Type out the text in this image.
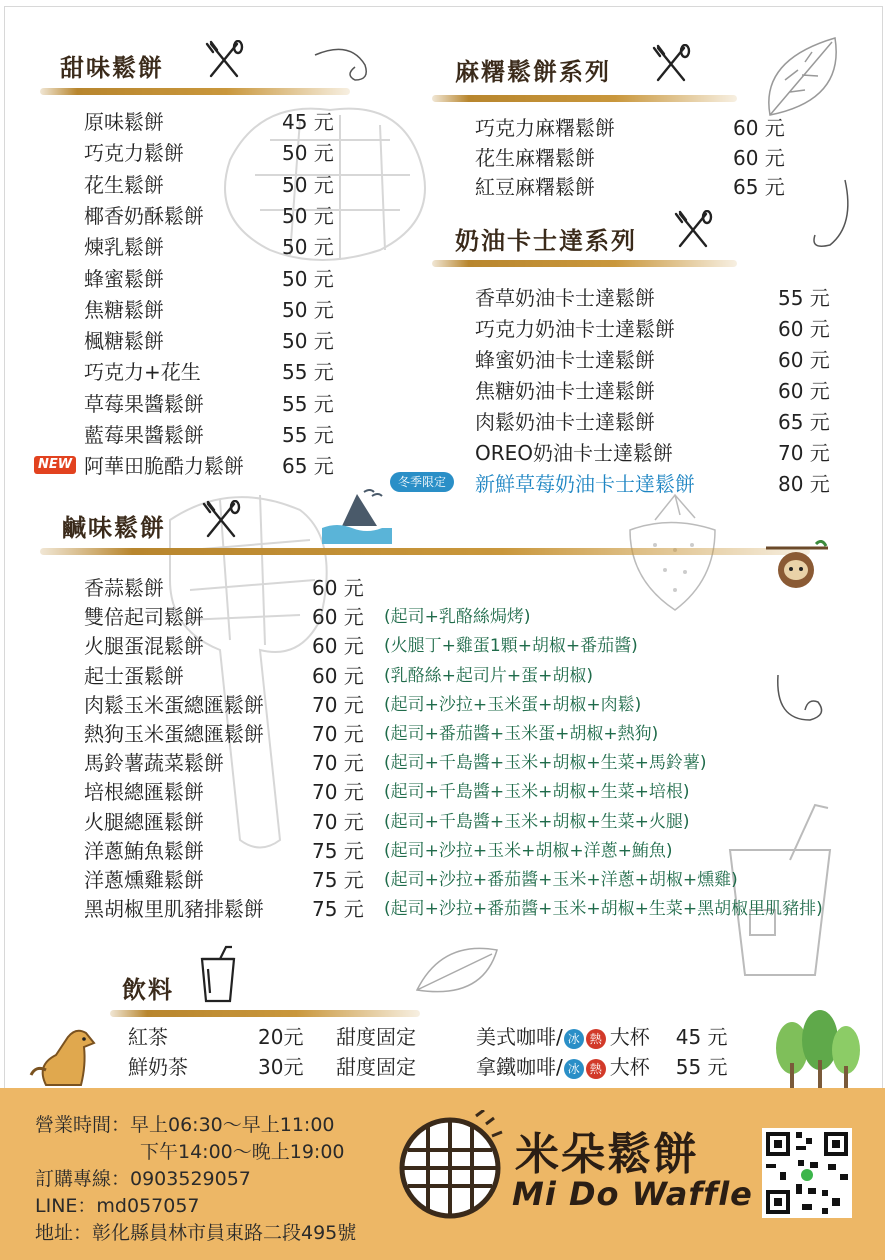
甜味鬆餅
原味鬆餅	45 元
巧克力鬆餅	50 元
花生鬆餅	50 元
椰香奶酥鬆餅	50 元
煉乳鬆餅	50 元
蜂蜜鬆餅	50 元
焦糖鬆餅	50 元
楓糖鬆餅	50 元
巧克力+花生	55 元
草莓果醬鬆餅	55 元
藍莓果醬鬆餅	55 元
阿華田脆酷力鬆餅 65 元
NEW
麻糬鬆餅系列
巧克力麻糬鬆餅	60 元
花生麻糬鬆餅	60 元
紅豆麻糬鬆餅	65 元
奶油卡士達系列
香草奶油卡士達鬆餅	55 元
巧克力奶油卡士達鬆餅	60 元
蜂蜜奶油卡士達鬆餅	60 元
焦糖奶油卡士達鬆餅	60 元
肉鬆奶油卡士達鬆餅	65 元
OREO奶油卡士達鬆餅	70 元
新鮮草莓奶油卡士達鬆餅	80 元
冬季限定
鹹味鬆餅
香蒜鬆餅	60 元
雙倍起司鬆餅	60 元 (起司+乳酪絲焗烤)
火腿蛋混鬆餅	60 元 (火腿丁+雞蛋1顆+胡椒+番茄醬)
起士蛋鬆餅	60 元 (乳酪絲+起司片+蛋+胡椒)
肉鬆玉米蛋總匯鬆餅 70 元 (起司+沙拉+玉米蛋+胡椒+肉鬆)
熱狗玉米蛋總匯鬆餅 70 元 (起司+番茄醬+玉米蛋+胡椒+熱狗)
馬鈴薯蔬菜鬆餅	70 元 (起司+千島醬+玉米+胡椒+生菜+馬鈴薯)
培根總匯鬆餅	70 元 (起司+千島醬+玉米+胡椒+生菜+培根)
火腿總匯鬆餅	70 元 (起司+千島醬+玉米+胡椒+生菜+火腿)
洋蔥鮪魚鬆餅	75 元 (起司+沙拉+玉米+胡椒+洋蔥+鮪魚)
洋蔥燻雞鬆餅	75 元 (起司+沙拉+番茄醬+玉米+洋蔥+胡椒+燻雞)
黑胡椒里肌豬排鬆餅 75 元 (起司+沙拉+番茄醬+玉米+胡椒+生菜+黑胡椒里肌豬排)
飲料
紅茶	20元 甜度固定
鮮奶茶	30元 甜度固定
美式咖啡/ 冰 熱 大杯 45 元
拿鐵咖啡/ 冰 熱 大杯 55 元
營業時間：早上06:30～早上11:00
下午14:00～晚上19:00
訂購專線：0903529057
LINE：md057057
地址：彰化縣員林市員東路二段495號
米朵鬆餅
Mi Do Waffle
